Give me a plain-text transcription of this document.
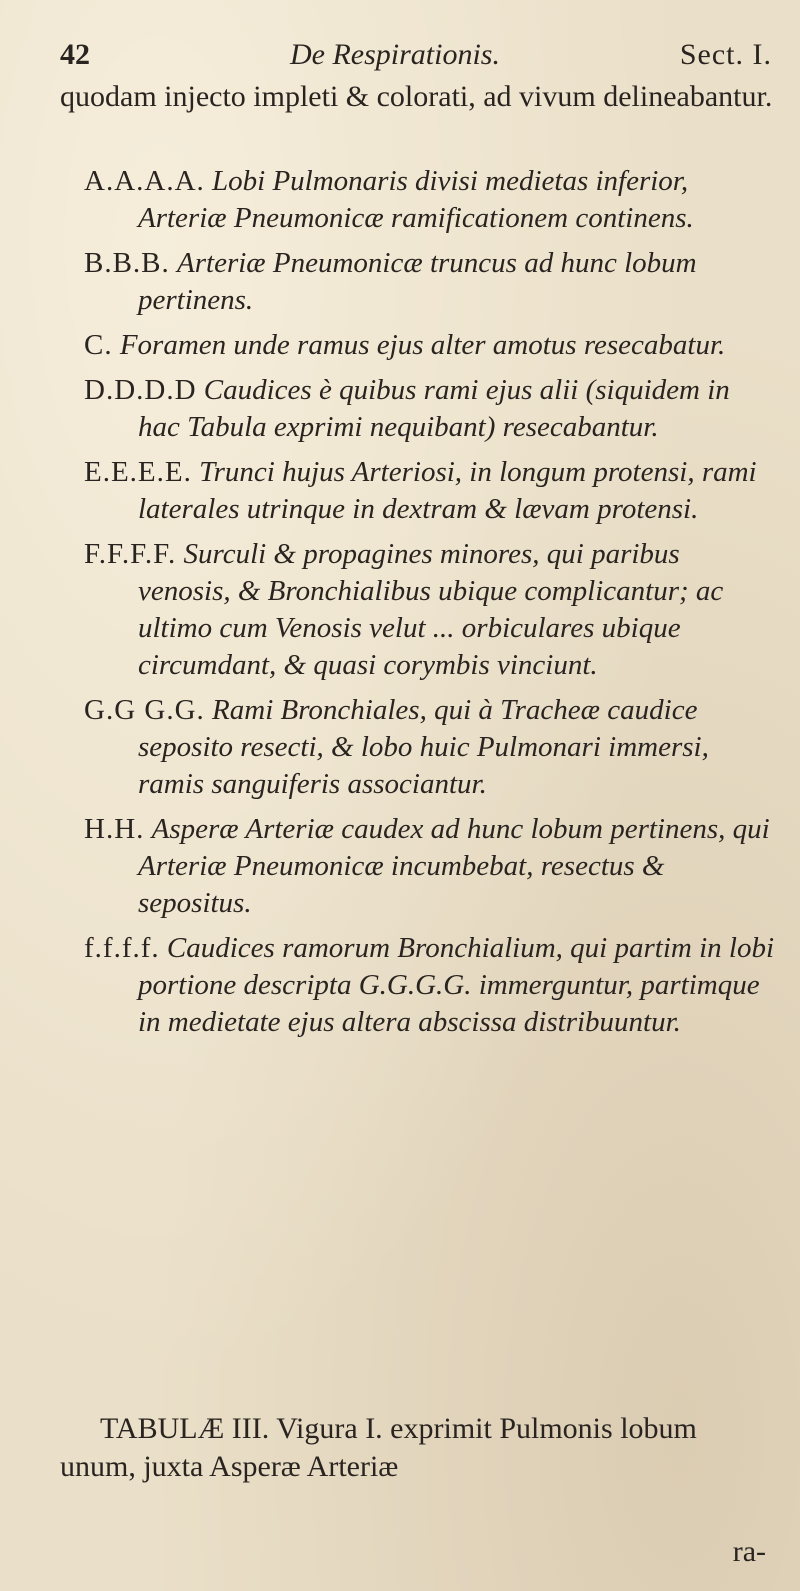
42	De Respirationis.	Sect. I.
quodam injecto impleti & colorati, ad vivum delineabantur.
A.A.A.A. Lobi Pulmonaris divisi medietas inferior, Arteriæ Pneumonicæ ramificationem continens.
B.B.B. Arteriæ Pneumonicæ truncus ad hunc lobum pertinens.
C. Foramen unde ramus ejus alter amotus resecabatur.
D.D.D.D Caudices è quibus rami ejus alii (siquidem in hac Tabula exprimi nequibant) resecabantur.
E.E.E.E. Trunci hujus Arteriosi, in longum protensi, rami laterales utrinque in dextram & lævam protensi.
F.F.F.F. Surculi & propagines minores, qui paribus venosis, & Bronchialibus ubique complicantur; ac ultimo cum Venosis velut ... orbiculares ubique circumdant, & quasi corymbis vinciunt.
G.G G.G. Rami Bronchiales, qui à Tracheæ caudice seposito resecti, & lobo huic Pulmonari immersi, ramis sanguiferis associantur.
H.H. Asperæ Arteriæ caudex ad hunc lobum pertinens, qui Arteriæ Pneumonicæ incumbebat, resectus & sepositus.
f.f.f.f. Caudices ramorum Bronchialium, qui partim in lobi portione descripta G.G.G.G. immerguntur, partimque in medietate ejus altera abscissa distribuuntur.

TABULÆ III. Vigura I. exprimit Pulmonis lobum unum, juxta Asperæ Arteriæ

ra-
